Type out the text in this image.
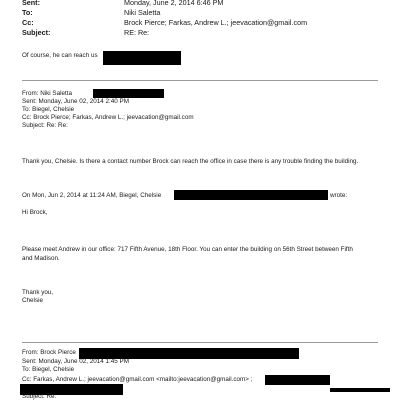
Sent:	Monday, June 2, 2014 6:46 PM
To:	Niki Saletta
Cc:	Brock Pierce; Farkas, Andrew L.; jeevacation@gmail.com
Subject:	RE: Re:
Of course, he can reach us
From: Niki Saletta
Sent: Monday, June 02, 2014 2:40 PM
To: Biegel, Chelsie
Cc: Brock Pierce; Farkas, Andrew L.; jeevacation@gmail.com
Subject: Re: Re:
Thank you, Chelsie. Is there a contact number Brock can reach the office in case there is any trouble finding the building.
On Mon, Jun 2, 2014 at 11:24 AM, Biegel, Chelsie	wrote:
Hi Brock,
Please meet Andrew in our office: 717 Fifth Avenue, 18th Floor. You can enter the building on 56th Street between Fifth
and Madison.
Thank you,
Chelsie
From: Brock Pierce
Sent: Monday, June 02, 2014 1:45 PM
To: Biegel, Chelsie
Cc: Farkas, Andrew L.; jeevacation@gmail.com <mailto:jeevacation@gmail.com> ;
Subject: Re:
